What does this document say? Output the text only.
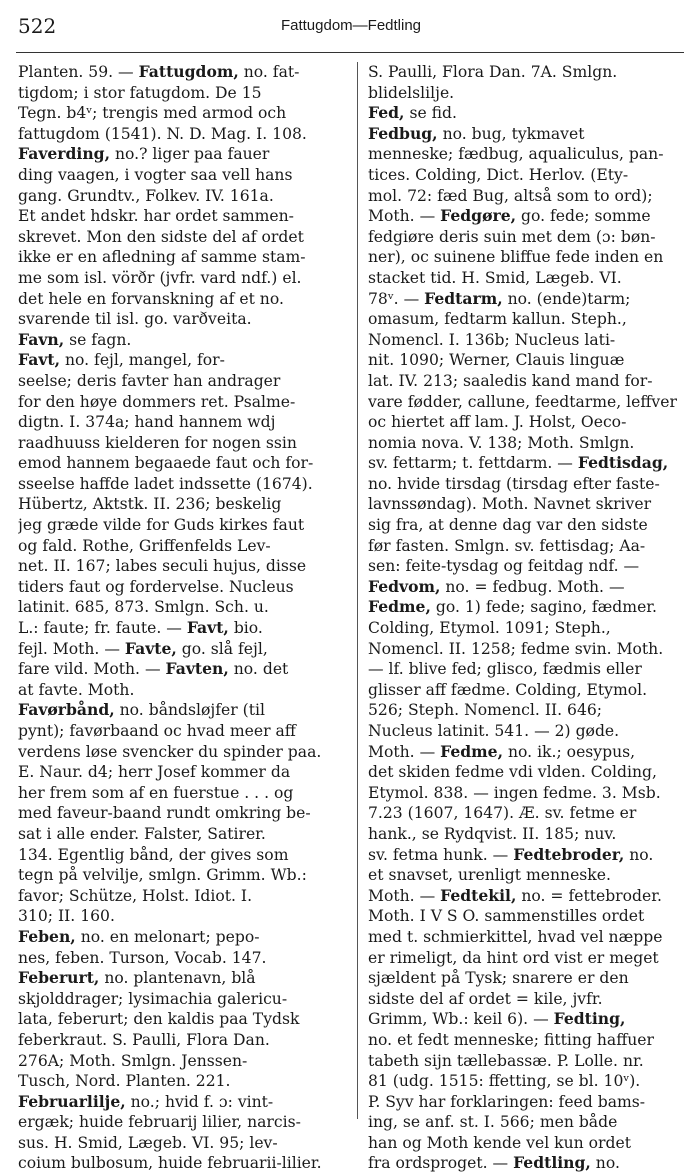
522	Fattugdom—Fedtling
Planten. 59. — Fattugdom, no. fat-
tigdom; i stor fatugdom. De 15
Tegn. b4ᵛ; trengis med armod och
fattugdom (1541). N. D. Mag. I. 108.
Faverding, no.? liger paa fauer
ding vaagen, i vogter saa vell hans
gang. Grundtv., Folkev. IV. 161a.
Et andet hdskr. har ordet sammen-
skrevet. Mon den sidste del af ordet
ikke er en afledning af samme stam-
me som isl. vörðr (jvfr. vard ndf.) el.
det hele en forvanskning af et no.
svarende til isl. go. varðveita.
Favn, se fagn.
Favt, no. fejl, mangel, for-
seelse; deris favter han andrager
for den høye dommers ret. Psalme-
digtn. I. 374a; hand hannem wdj
raadhuuss kielderen for nogen ssin
emod hannem begaaede faut och for-
sseelse haffde ladet indssette (1674).
Hübertz, Aktstk. II. 236; beskelig
jeg græde vilde for Guds kirkes faut
og fald. Rothe, Griffenfelds Lev-
net. II. 167; labes seculi hujus, disse
tiders faut og fordervelse. Nucleus
latinit. 685, 873. Smlgn. Sch. u.
L.: faute; fr. faute. — Favt, bio.
fejl. Moth. — Favte, go. slå fejl,
fare vild. Moth. — Favten, no. det
at favte. Moth.
Favørbånd, no. båndsløjfer (til
pynt); favørbaand oc hvad meer aff
verdens løse svencker du spinder paa.
E. Naur. d4; herr Josef kommer da
her frem som af en fuerstue . . . og
med faveur-baand rundt omkring be-
sat i alle ender. Falster, Satirer.
134. Egentlig bånd, der gives som
tegn på velvilje, smlgn. Grimm. Wb.:
favor; Schütze, Holst. Idiot. I.
310; II. 160.
Feben, no. en melonart; pepo-
nes, feben. Turson, Vocab. 147.
Feberurt, no. plantenavn, blå
skjolddrager; lysimachia galericu-
lata, feberurt; den kaldis paa Tydsk
feberkraut. S. Paulli, Flora Dan.
276A; Moth. Smlgn. Jenssen-
Tusch, Nord. Planten. 221.
Februarlilje, no.; hvid f. ɔ: vint-
ergæk; huide februarij lilier, narcis-
sus. H. Smid, Lægeb. VI. 95; lev-
coium bulbosum, huide februarii-lilier.
S. Paulli, Flora Dan. 7A. Smlgn.
blidelsliljе.
Fed, se fid.
Fedbug, no. bug, tykmavet
menneske; fædbug, aqualiculus, pan-
tices. Colding, Dict. Herlov. (Ety-
mol. 72: fæd Bug, altså som to ord);
Moth. — Fedgøre, go. fede; somme
fedgiøre deris suin met dem (ɔ: bøn-
ner), oc suinene bliffue fede inden en
stacket tid. H. Smid, Lægeb. VI.
78ᵛ. — Fedtarm, no. (ende)tarm;
omasum, fedtarm kallun. Steph.,
Nomencl. I. 136b; Nucleus lati-
nit. 1090; Werner, Clauis linguæ
lat. IV. 213; saaledis kand mand for-
vare fødder, callune, feedtarme, leffver
oc hiertet aff lam. J. Holst, Oeco-
nomia nova. V. 138; Moth. Smlgn.
sv. fettarm; t. fettdarm. — Fedtisdag,
no. hvide tirsdag (tirsdag efter faste-
lavnssøndag). Moth. Navnet skriver
sig fra, at denne dag var den sidste
før fasten. Smlgn. sv. fettisdag; Aa-
sen: feite-tysdag og feitdag ndf. —
Fedvom, no. = fedbug. Moth. —
Fedme, go. 1) fede; sagino, fædmer.
Colding, Etymol. 1091; Steph.,
Nomencl. II. 1258; fedme svin. Moth.
— lf. blive fed; glisco, fædmis eller
glisser aff fædme. Colding, Etymol.
526; Steph. Nomencl. II. 646;
Nucleus latinit. 541. — 2) gøde.
Moth. — Fedme, no. ik.; oesypus,
det skiden fedme vdi vlden. Colding,
Etymol. 838. — ingen fedme. 3. Msb.
7.23 (1607, 1647). Æ. sv. fetme er
hank., se Rydqvist. II. 185; nuv.
sv. fetma hunk. — Fedtebroder, no.
et snavset, urenligt menneske.
Moth. — Fedtekil, no. = fettebroder.
Moth. I V S O. sammenstilles ordet
med t. schmierkittel, hvad vel næppe
er rimeligt, da hint ord vist er meget
sjældent på Tysk; snarere er den
sidste del af ordet = kile, jvfr.
Grimm, Wb.: keil 6). — Fedting,
no. et fedt menneske; fitting haffuer
tabeth sijn tællebassæ. P. Lolle. nr.
81 (udg. 1515: ffetting, se bl. 10ᵛ).
P. Syv har forklaringen: feed bams-
ing, se anf. st. I. 566; men både
han og Moth kende vel kun ordet
fra ordsproget. — Fedtling, no.
